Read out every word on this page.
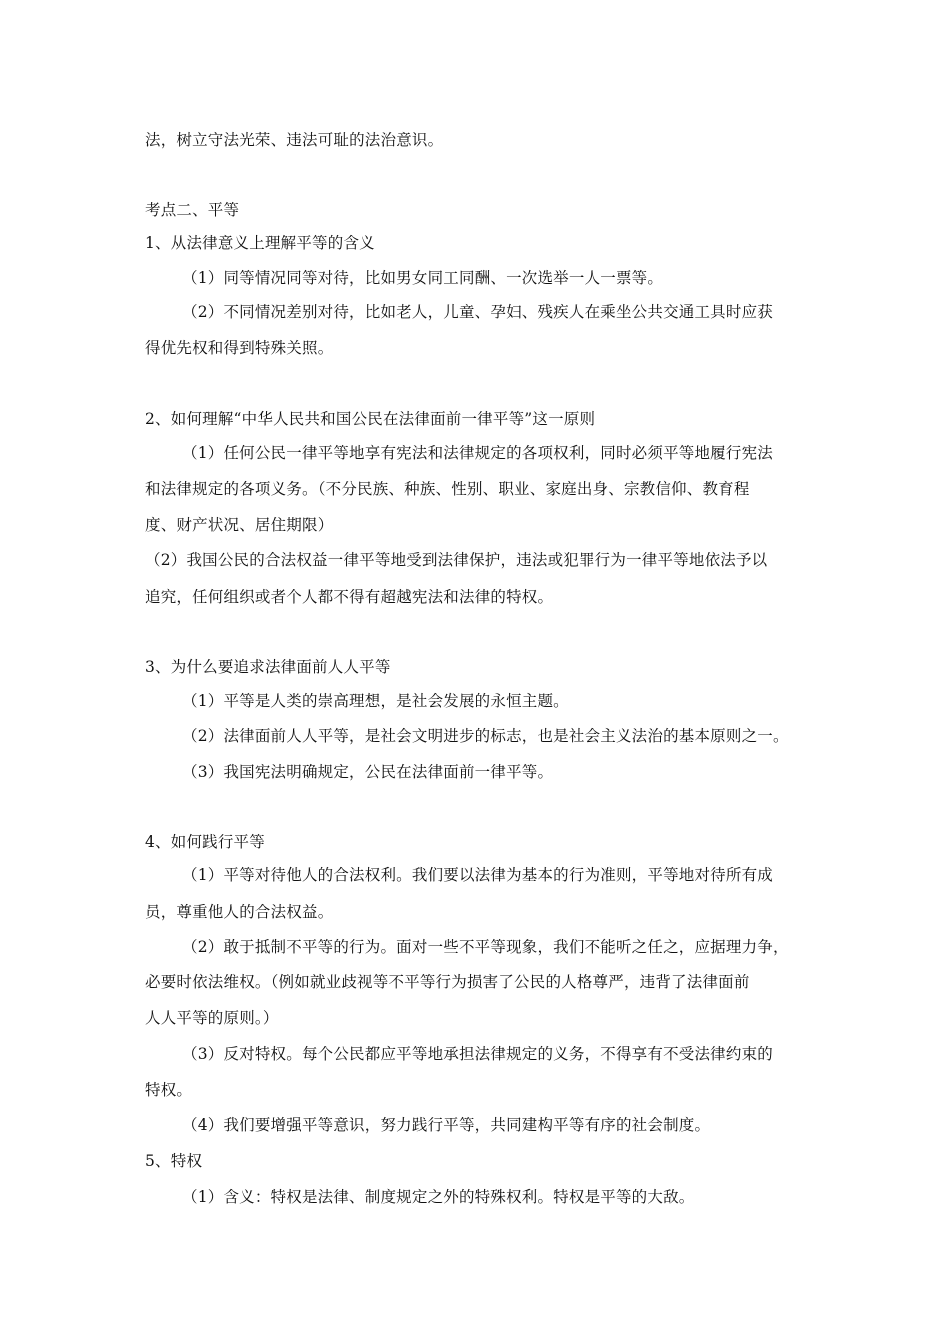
法，树立守法光荣、违法可耻的法治意识。
考点二、平等
1、从法律意义上理解平等的含义
（1）同等情况同等对待，比如男女同工同酬、一次选举一人一票等。
（2）不同情况差别对待，比如老人，儿童、孕妇、残疾人在乘坐公共交通工具时应获
得优先权和得到特殊关照。
2、如何理解“中华人民共和国公民在法律面前一律平等”这一原则
（1）任何公民一律平等地享有宪法和法律规定的各项权利，同时必须平等地履行宪法
和法律规定的各项义务。（不分民族、种族、性别、职业、家庭出身、宗教信仰、教育程
度、财产状况、居住期限）
（2）我国公民的合法权益一律平等地受到法律保护，违法或犯罪行为一律平等地依法予以
追究，任何组织或者个人都不得有超越宪法和法律的特权。
3、为什么要追求法律面前人人平等
（1）平等是人类的崇高理想，是社会发展的永恒主题。
（2）法律面前人人平等，是社会文明进步的标志，也是社会主义法治的基本原则之一。
（3）我国宪法明确规定，公民在法律面前一律平等。
4、如何践行平等
（1）平等对待他人的合法权利。我们要以法律为基本的行为准则，平等地对待所有成
员，尊重他人的合法权益。
（2）敢于抵制不平等的行为。面对一些不平等现象，我们不能听之任之，应据理力争，
必要时依法维权。（例如就业歧视等不平等行为损害了公民的人格尊严，违背了法律面前
人人平等的原则。）
（3）反对特权。每个公民都应平等地承担法律规定的义务，不得享有不受法律约束的
特权。
（4）我们要增强平等意识，努力践行平等，共同建构平等有序的社会制度。
5、特权
（1）含义：特权是法律、制度规定之外的特殊权利。特权是平等的大敌。
